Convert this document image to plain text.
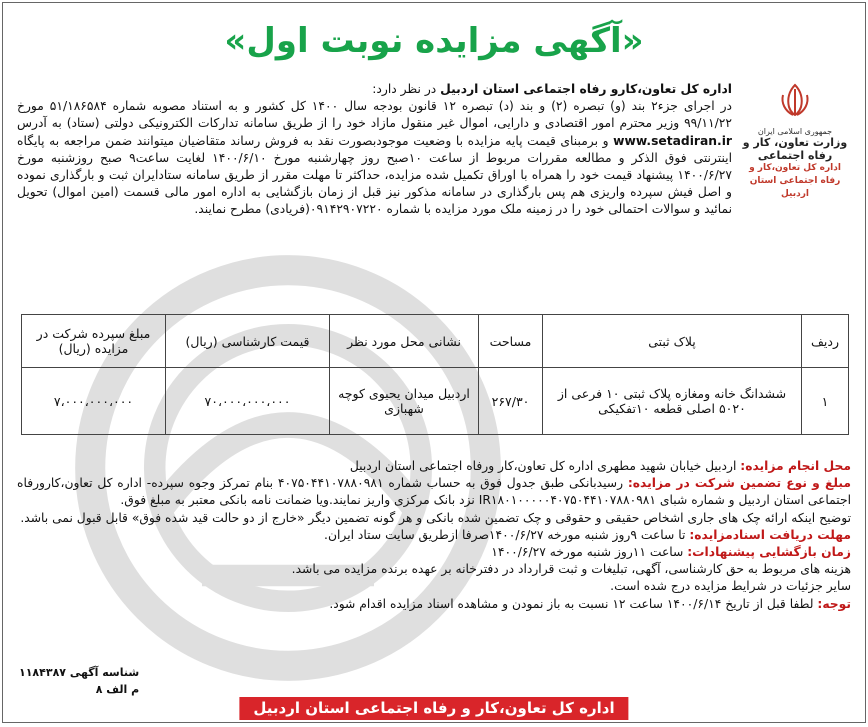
«آگهی مزایده نوبت اول»
جمهوری اسلامی ایران
وزارت تعاون، کار و رفاه اجتماعی
اداره کل تعاون،کار و رفاه اجتماعی استان اردبیل
اداره کل تعاون،کارو رفاه اجتماعی استان اردبیل در نظر دارد:
در اجرای جزء۲ بند (و) تبصره (۲) و بند (د) تبصره ۱۲ قانون بودجه سال ۱۴۰۰ کل کشور و به استناد مصوبه شماره ۵۱/۱۸۶۵۸۴ مورخ ۹۹/۱۱/۲۲ وزیر محترم امور اقتصادی و دارایی، اموال غیر منقول مازاد خود را از طریق سامانه تدارکات الکترونیکی دولتی (ستاد) به آدرس www.setadiran.ir و برمبنای قیمت پایه مزایده با وضعیت موجودبصورت نقد به فروش رساند متقاضیان میتوانند ضمن مراجعه به پایگاه اینترنتی فوق الذکر و مطالعه مقررات مربوط از ساعت ۱۰صبح روز چهارشنبه مورخ ۱۴۰۰/۶/۱۰ لغایت ساعت۹ صبح روزشنبه مورخ ۱۴۰۰/۶/۲۷ پیشنهاد قیمت خود را همراه با اوراق تکمیل شده مزایده، حداکثر تا مهلت مقرر از طریق سامانه ستادایران ثبت و بارگذاری نموده و اصل فیش سپرده واریزی هم پس بارگذاری در سامانه مذکور نیز قبل از زمان بازگشایی به اداره امور مالی قسمت (امین اموال) تحویل نمائید و سوالات احتمالی خود را در زمینه ملک مورد مزایده با شماره ۰۹۱۴۲۹۰۷۲۲۰(فریادی) مطرح نمایند.
ردیف	پلاک ثبتی	مساحت	نشانی محل مورد نظر	قیمت کارشناسی (ریال)	مبلغ سپرده شرکت در مزایده (ریال)
۱	ششدانگ خانه ومغازه پلاک ثبتی ۱۰ فرعی از ۵۰۲۰ اصلی قطعه ۱۰تفکیکی	۲۶۷/۳۰	اردبیل میدان یحیوی کوچه شهبازی	۷۰،۰۰۰،۰۰۰،۰۰۰	۷،۰۰۰،۰۰۰،۰۰۰

محل انجام مزایده: اردبیل خیابان شهید مطهری اداره کل تعاون،کار ورفاه اجتماعی استان اردبیل

مبلغ و نوع تضمین شرکت در مزایده: رسیدبانکی طبق جدول فوق به حساب شماره ۴۰۷۵۰۴۴۱۰۷۸۸۰۹۸۱ بنام تمرکز وجوه سپرده- اداره کل تعاون،کارورفاه اجتماعی استان اردبیل و شماره شبای IR۱۸۰۱۰۰۰۰۰۴۰۷۵۰۴۴۱۰۷۸۸۰۹۸۱ نزد بانک مرکزی واریز نمایند.ویا ضمانت نامه بانکی معتبر به مبلغ فوق.

توضیح اینکه ارائه چک های جاری اشخاص حقیقی و حقوقی و چک تضمین شده بانکی و هر گونه تضمین دیگر «خارج از دو حالت قید شده فوق» قابل قبول نمی باشد.

مهلت دریافت اسنادمزایده: تا ساعت ۹روز شنبه مورخه ۱۴۰۰/۶/۲۷صرفا ازطریق سایت ستاد ایران.

زمان بازگشایی پیشنهادات: ساعت ۱۱روز شنبه مورخه ۱۴۰۰/۶/۲۷

هزینه های مربوط به حق کارشناسی، آگهی، تبلیغات و ثبت قرارداد در دفترخانه بر عهده برنده مزایده می باشد.

سایر جزئیات در شرایط مزایده درج شده است.

توجه: لطفا قبل از تاریخ ۱۴۰۰/۶/۱۴ ساعت ۱۲ نسبت به باز نمودن و مشاهده اسناد مزایده اقدام شود.

شناسه آگهی ۱۱۸۴۳۸۷
م الف ۸
اداره کل تعاون،کار و رفاه اجتماعی استان اردبیل
